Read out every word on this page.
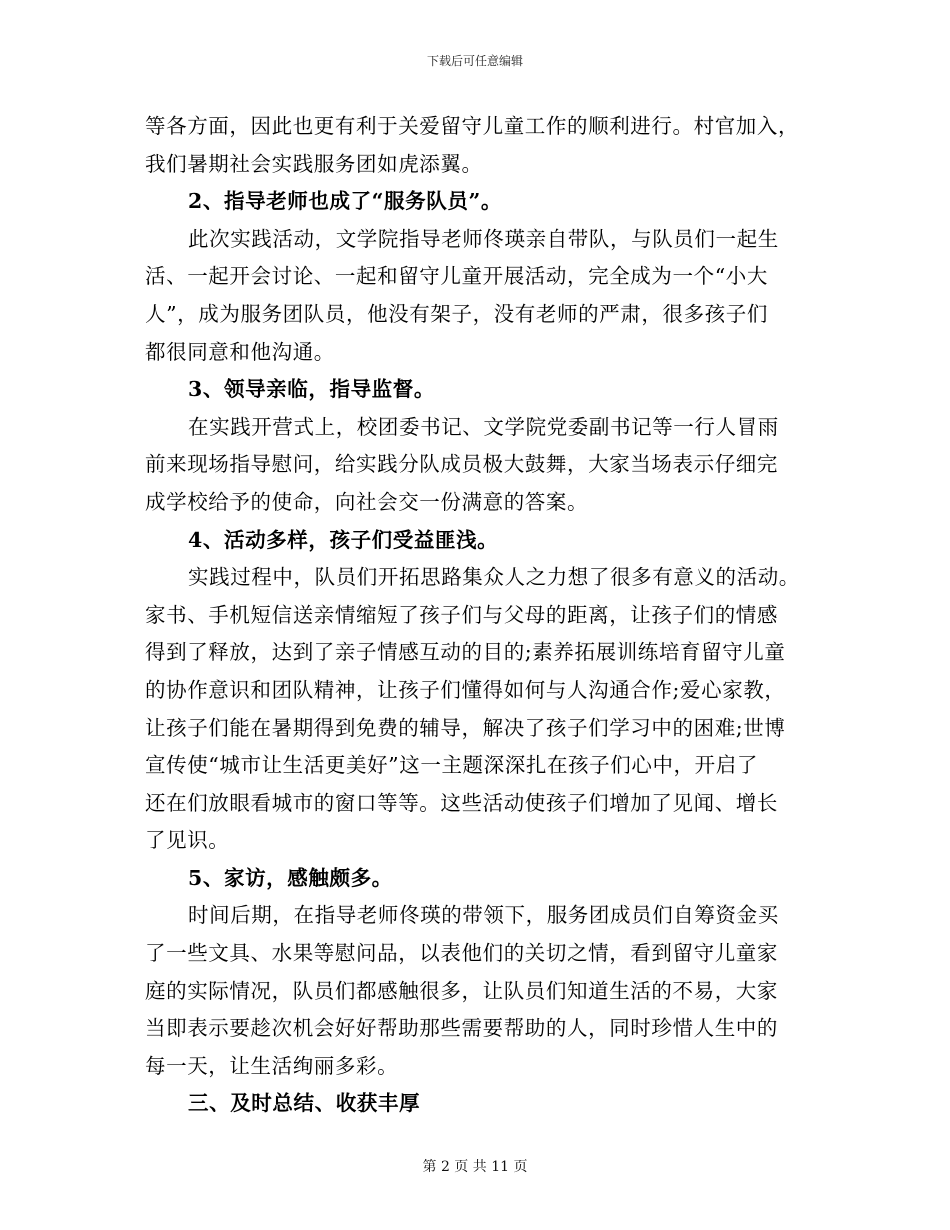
下载后可任意编辑
等各方面，因此也更有利于关爱留守儿童工作的顺利进行。村官加入，
我们暑期社会实践服务团如虎添翼。
2、指导老师也成了“服务队员”。
此次实践活动，文学院指导老师佟瑛亲自带队，与队员们一起生
活、一起开会讨论、一起和留守儿童开展活动，完全成为一个“小大
人”，成为服务团队员，他没有架子，没有老师的严肃，很多孩子们
都很同意和他沟通。
3、领导亲临，指导监督。
在实践开营式上，校团委书记、文学院党委副书记等一行人冒雨
前来现场指导慰问，给实践分队成员极大鼓舞，大家当场表示仔细完
成学校给予的使命，向社会交一份满意的答案。
4、活动多样，孩子们受益匪浅。
实践过程中，队员们开拓思路集众人之力想了很多有意义的活动。
家书、手机短信送亲情缩短了孩子们与父母的距离，让孩子们的情感
得到了释放，达到了亲子情感互动的目的;素养拓展训练培育留守儿童
的协作意识和团队精神，让孩子们懂得如何与人沟通合作;爱心家教，
让孩子们能在暑期得到免费的辅导，解决了孩子们学习中的困难;世博
宣传使“城市让生活更美好”这一主题深深扎在孩子们心中，开启了
还在们放眼看城市的窗口等等。这些活动使孩子们增加了见闻、增长
了见识。
5、家访，感触颇多。
时间后期，在指导老师佟瑛的带领下，服务团成员们自筹资金买
了一些文具、水果等慰问品，以表他们的关切之情，看到留守儿童家
庭的实际情况，队员们都感触很多，让队员们知道生活的不易，大家
当即表示要趁次机会好好帮助那些需要帮助的人，同时珍惜人生中的
每一天，让生活绚丽多彩。
三、及时总结、收获丰厚
第 2 页 共 11 页
